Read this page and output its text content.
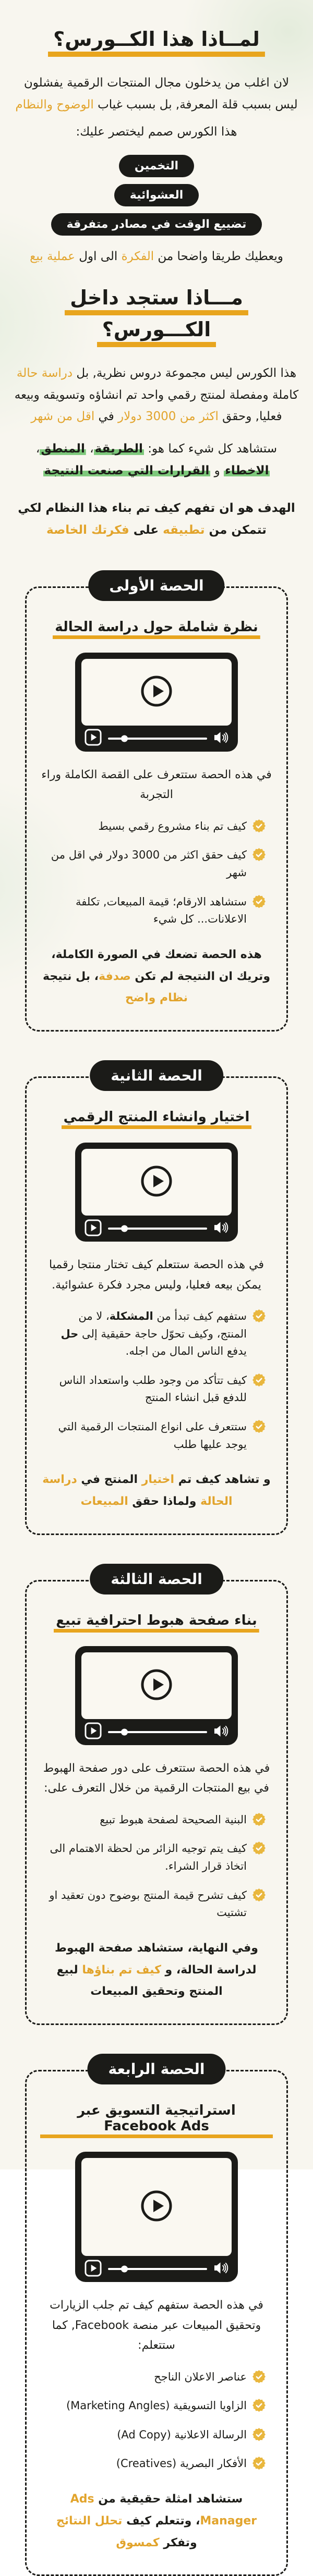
لمــاذا هذا الكــورس؟

لان اغلب من يدخلون مجال المنتجات الرقمية يفشلون ليس بسبب قلة المعرفة, بل بسبب غياب الوضوح والنظام

هذا الكورس صمم ليختصر عليك:

التخمين
العشوائية
تضييع الوقت في مصادر متفرقة

ويعطيك طريقا واضحا من الفكرة الى اول عملية بيع

مـــاذا ستجد داخل
الكـــورس؟

هذا الكورس ليس مجموعة دروس نظرية, بل دراسة حالة كاملة ومفصلة لمنتج رقمي واحد تم انشاؤه وتسويقه وبيعه فعليا, وحقق اكثر من 3000 دولار في اقل من شهر

ستشاهد كل شيء كما هو: الطريقة، المنطق، الاخطاء و القرارات التي صنعت النتيجة

الهدف هو ان تفهم كيف تم بناء هذا النظام لكي تتمكن من تطبيقه على فكرتك الخاصة

الحصة الأولى
نظرة شاملة حول دراسة الحالة

في هذه الحصة ستتعرف على القصة الكاملة وراء التجربة

كيف تم بناء مشروع رقمي بسيط
كيف حقق اكثر من 3000 دولار في اقل من شهر
ستشاهد الارقام؛ قيمة المبيعات, تكلفة الاعلانات... كل شيء

هذه الحصة تضعك في الصورة الكاملة، وتريك ان النتيجة لم تكن صدفة، بل نتيجة نظام واضح

الحصة الثانية
اختيار وانشاء المنتج الرقمي

في هذه الحصة ستتعلم كيف تختار منتجا رقميا يمكن بيعه فعليا، وليس مجرد فكرة عشوائية.

ستفهم كيف تبدأ من المشكلة، لا من المنتج، وكيف تحوّل حاجة حقيقية إلى حل يدفع الناس المال من اجله.
كيف تتأكد من وجود طلب واستعداد الناس للدفع قبل انشاء المنتج
ستتعرف على انواع المنتجات الرقمية التي يوجد عليها طلب

و تشاهد كيف تم اختيار المنتج في دراسة الحالة ولماذا حقق المبيعات

الحصة الثالثة
بناء صفحة هبوط احترافية تبيع

في هذه الحصة ستتعرف على دور صفحة الهبوط في بيع المنتجات الرقمية من خلال التعرف على:

البنية الصحيحة لصفحة هبوط تبيع
كيف يتم توجيه الزائر من لحظة الاهتمام الى اتخاذ قرار الشراء.
كيف تشرح قيمة المنتج بوضوح دون تعقيد او تشتيت

وفي النهاية، ستشاهد صفحة الهبوط لدراسة الحالة، و كيف تم بناؤها لبيع المنتج وتحقيق المبيعات

الحصة الرابعة
استراتيجية التسويق عبر Facebook Ads

في هذه الحصة ستفهم كيف تم جلب الزيارات وتحقيق المبيعات عبر منصة Facebook, كما ستتعلم:

عناصر الاعلان الناجح
الزاويا التسويقية (Marketing Angles)
الرسالة الاعلانية (Ad Copy)
الأفكار البصرية (Creatives)

ستشاهد امثلة حقيقية من Ads Manager، وتتعلم كيف تحلل النتائج وتفكر كمسوق
